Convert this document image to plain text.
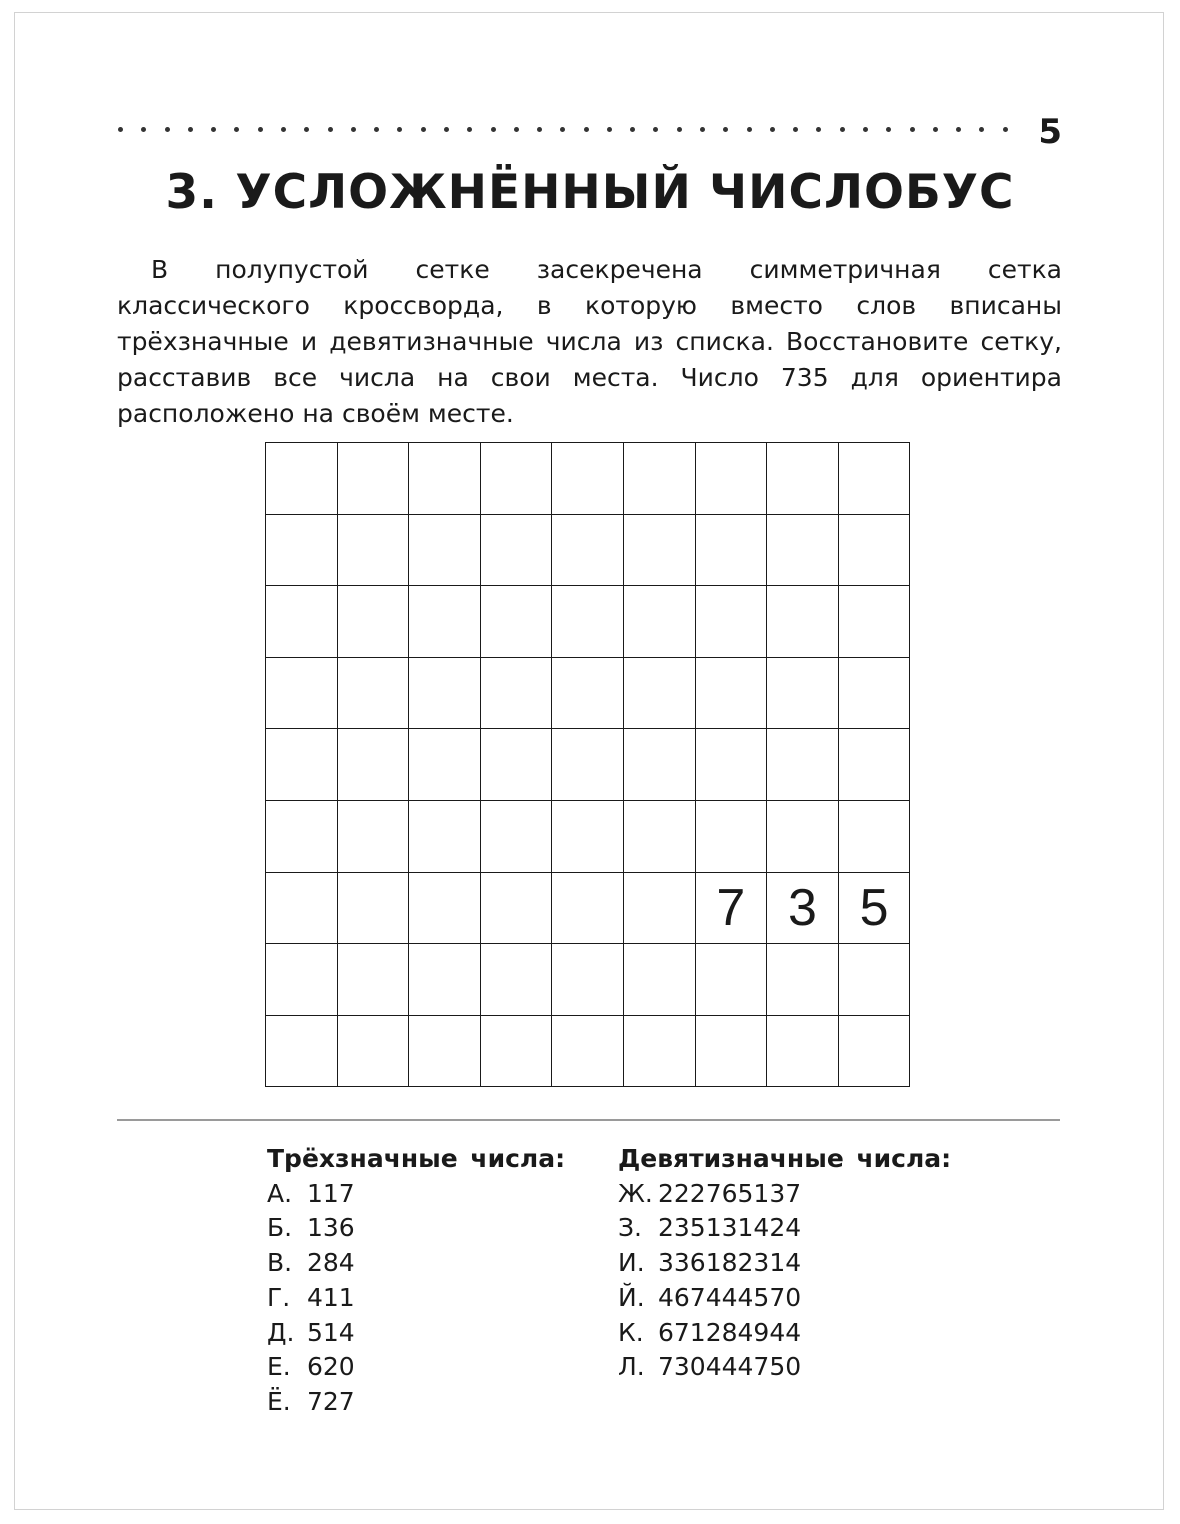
5
3. УСЛОЖНЁННЫЙ ЧИСЛОБУС
В полупустой сетке засекречена симметричная сетка классического кроссворда, в которую вместо слов вписаны трёхзначные и девятизначные числа из списка. Восстановите сетку, расставив все числа на свои места. Число 735 для ориентира расположено на своём месте.
7 3 5
Трёхзначные числа:
А. 117
Б. 136
В. 284
Г. 411
Д. 514
Е. 620
Ё. 727
Девятизначные числа:
Ж. 222765137
З. 235131424
И. 336182314
Й. 467444570
К. 671284944
Л. 730444750
